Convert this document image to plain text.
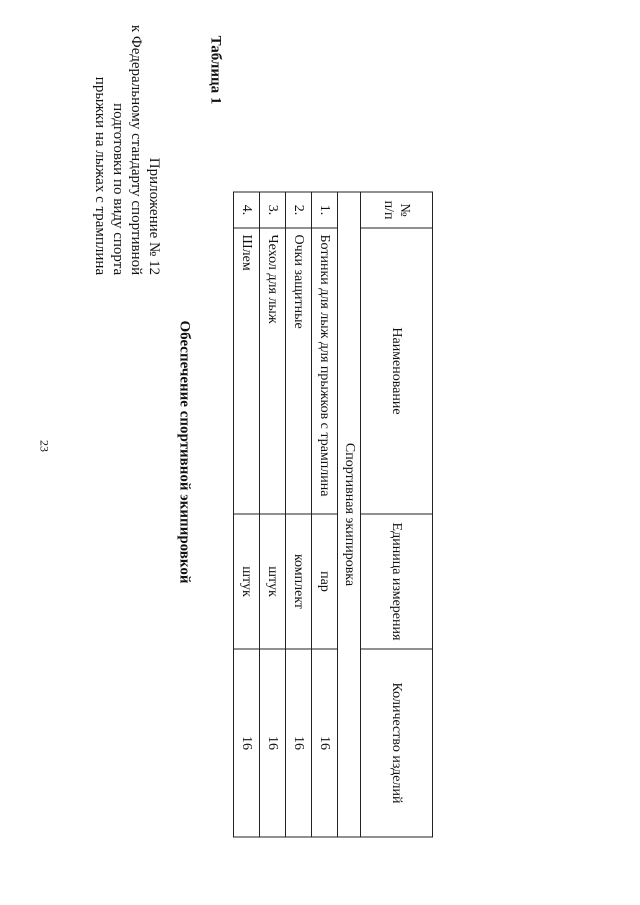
23
Приложение № 12
к Федеральному стандарту спортивной
подготовки по виду спорта
прыжки на лыжах с трамплина
Таблица 1
Обеспечение спортивной экипировкой
№
п/п	Наименование	Единица измерения	Количество изделий
Спортивная экипировка			
1.	Ботинки для лыж для прыжков с трамплина	пар	16
2.	Очки защитные	комплект	16
3.	Чехол для лыж	штук	16
4.	Шлем	штук	16
